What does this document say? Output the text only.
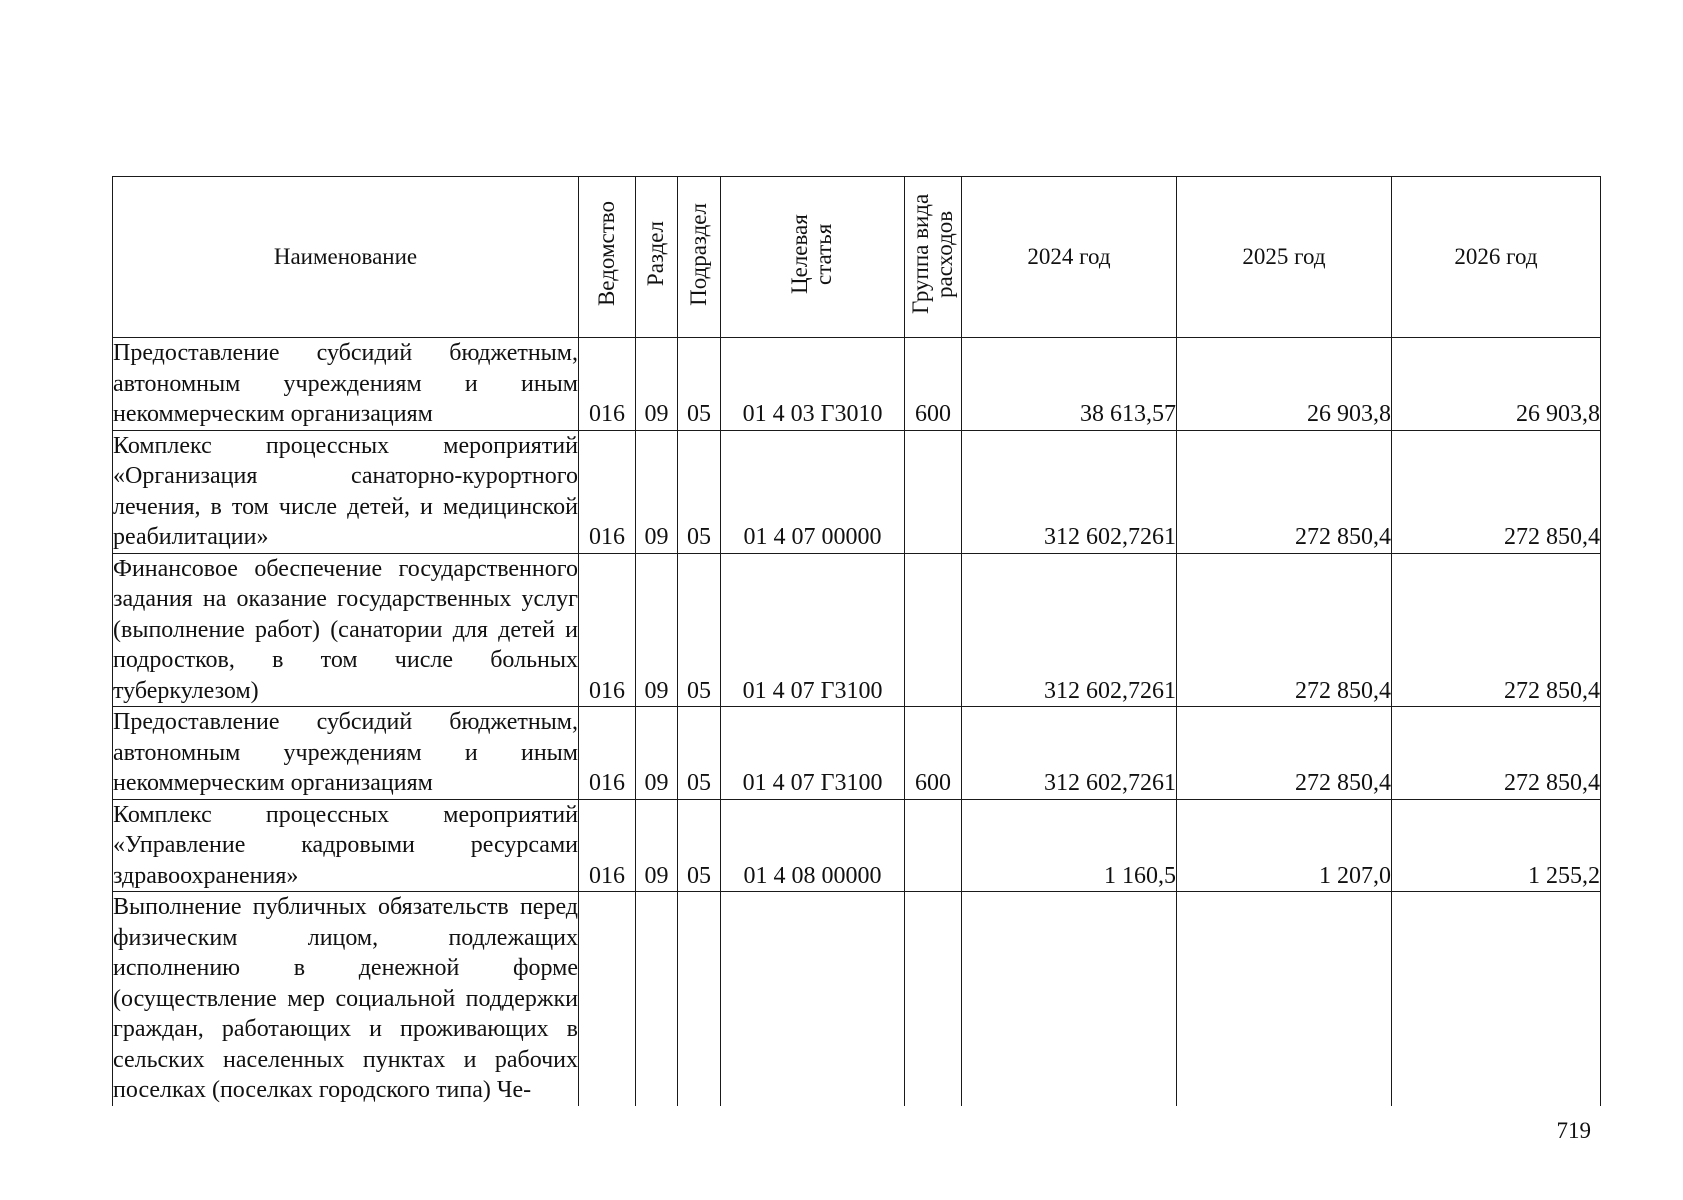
Наименование	Ведомство	Раздел	Подраздел	Целевая статья	Группа вида расходов	2024 год	2025 год	2026 год

Предоставление субсидий бюджетным, автономным учреждениям и иным некоммерческим организациям	016	09	05	01 4 03 Г3010	600	38 613,57	26 903,8	26 903,8

Комплекс процессных мероприятий «Организация санаторно-курортного лечения, в том числе детей, и медицинской реабилитации»	016	09	05	01 4 07 00000		312 602,7261	272 850,4	272 850,4

Финансовое обеспечение государственного задания на оказание государственных услуг (выполнение работ) (санатории для детей и подростков, в том числе больных туберкулезом)	016	09	05	01 4 07 Г3100		312 602,7261	272 850,4	272 850,4

Предоставление субсидий бюджетным, автономным учреждениям и иным некоммерческим организациям	016	09	05	01 4 07 Г3100	600	312 602,7261	272 850,4	272 850,4

Комплекс процессных мероприятий «Управление кадровыми ресурсами здравоохранения»	016	09	05	01 4 08 00000		1 160,5	1 207,0	1 255,2

Выполнение публичных обязательств перед физическим лицом, подлежащих исполнению в денежной форме (осуществление мер социальной поддержки граждан, работающих и проживающих в сельских населенных пунктах и рабочих поселках (поселках городского типа) Че-								

719
